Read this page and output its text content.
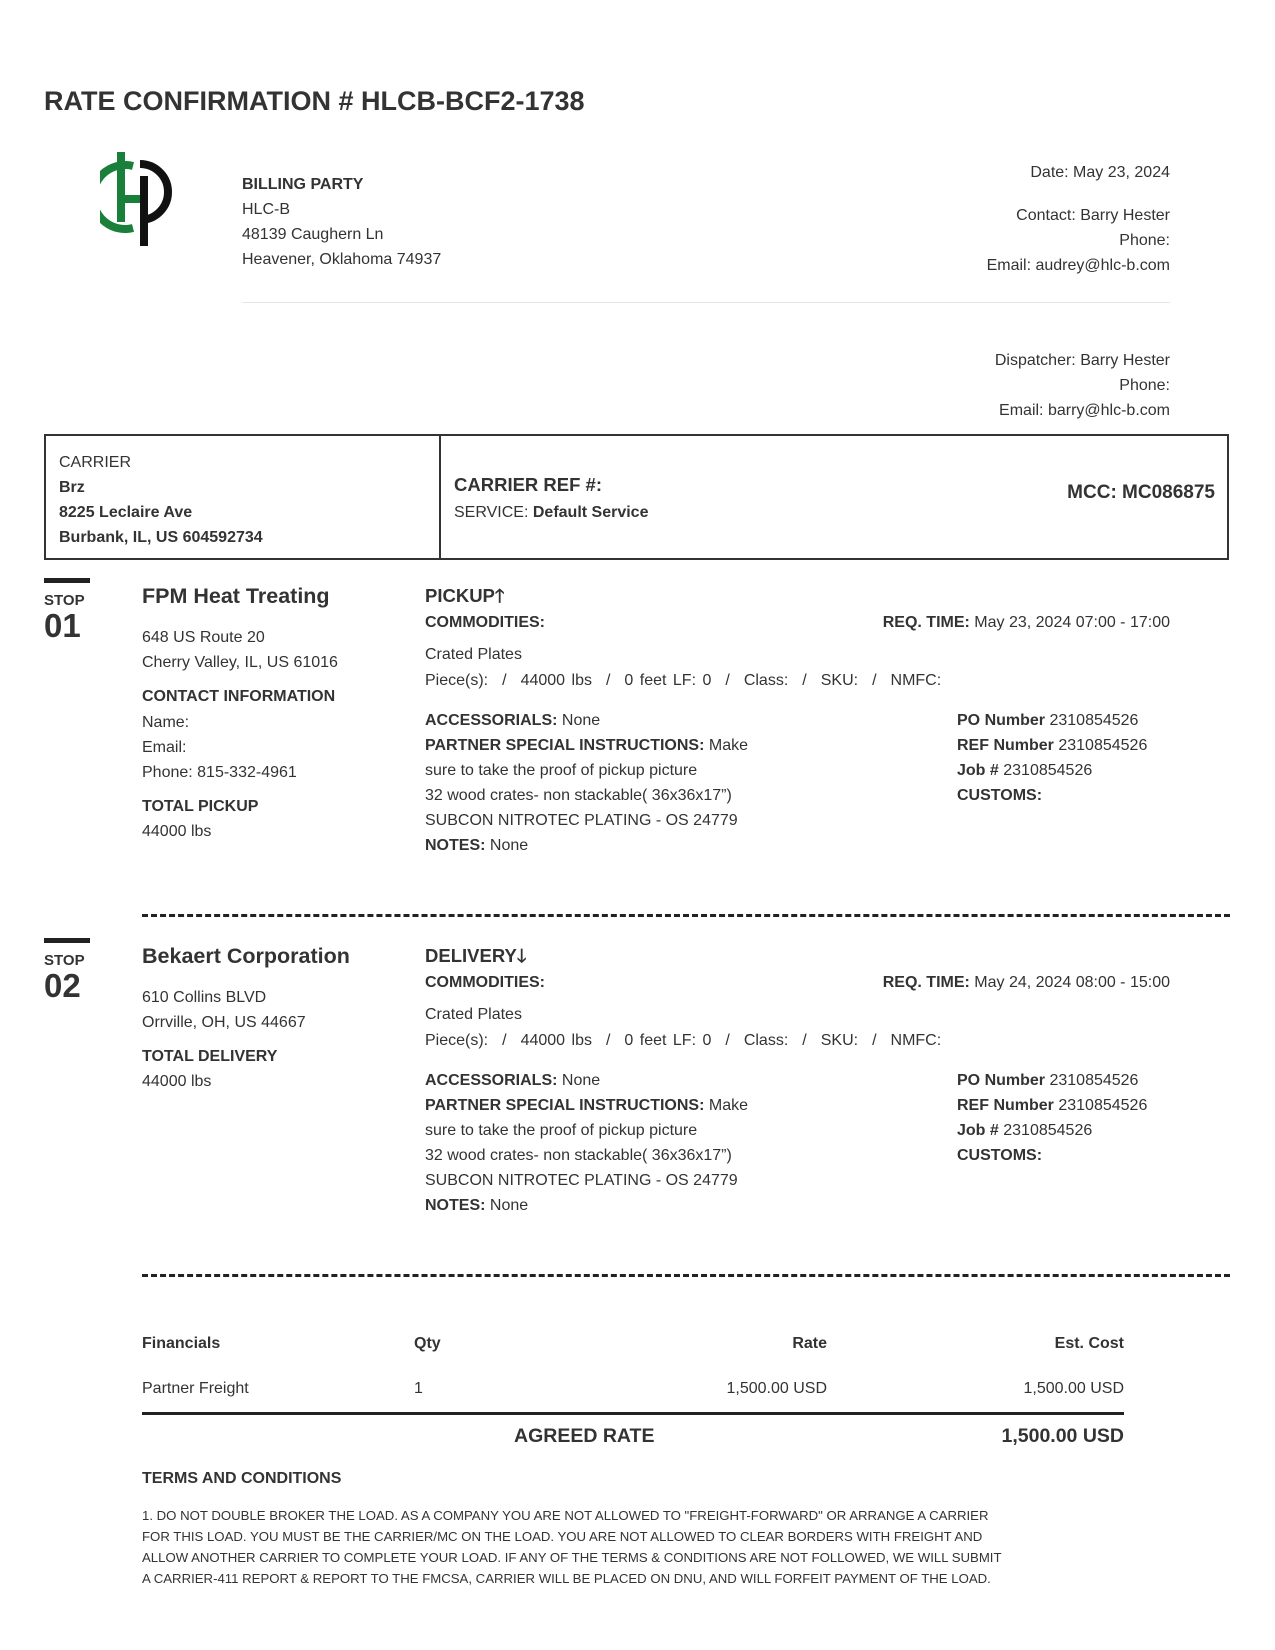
RATE CONFIRMATION # HLCB-BCF2-1738
BILLING PARTY
HLC-B
48139 Caughern Ln
Heavener, Oklahoma 74937
Date: May 23, 2024
Contact: Barry Hester
Phone:
Email: audrey@hlc-b.com
Dispatcher: Barry Hester
Phone:
Email: barry@hlc-b.com
CARRIER
Brz
8225 Leclaire Ave
Burbank, IL, US 604592734
CARRIER REF #:
SERVICE: Default Service
MCC: MC086875
STOP
01
FPM Heat Treating
648 US Route 20
Cherry Valley, IL, US 61016
CONTACT INFORMATION
Name:
Email:
Phone: 815-332-4961
TOTAL PICKUP
44000 lbs
PICKUP🡑
COMMODITIES:	REQ. TIME: May 23, 2024 07:00 - 17:00
Crated Plates
Piece(s): / 44000 lbs / 0 feet LF: 0 / Class: / SKU: / NMFC:
ACCESSORIALS: None
PARTNER SPECIAL INSTRUCTIONS: Make
sure to take the proof of pickup picture
32 wood crates- non stackable( 36x36x17”)
SUBCON NITROTEC PLATING - OS 24779
NOTES: None
PO Number 2310854526
REF Number 2310854526
Job # 2310854526
CUSTOMS:
STOP
02
Bekaert Corporation
610 Collins BLVD
Orrville, OH, US 44667
TOTAL DELIVERY
44000 lbs
DELIVERY🡓
COMMODITIES:	REQ. TIME: May 24, 2024 08:00 - 15:00
Crated Plates
Piece(s): / 44000 lbs / 0 feet LF: 0 / Class: / SKU: / NMFC:
ACCESSORIALS: None
PARTNER SPECIAL INSTRUCTIONS: Make
sure to take the proof of pickup picture
32 wood crates- non stackable( 36x36x17”)
SUBCON NITROTEC PLATING - OS 24779
NOTES: None
PO Number 2310854526
REF Number 2310854526
Job # 2310854526
CUSTOMS:
Financials	Qty	Rate	Est. Cost
Partner Freight	1	1,500.00 USD	1,500.00 USD
AGREED RATE	1,500.00 USD
TERMS AND CONDITIONS
1. DO NOT DOUBLE BROKER THE LOAD. AS A COMPANY YOU ARE NOT ALLOWED TO "FREIGHT-FORWARD" OR ARRANGE A CARRIER
FOR THIS LOAD. YOU MUST BE THE CARRIER/MC ON THE LOAD. YOU ARE NOT ALLOWED TO CLEAR BORDERS WITH FREIGHT AND
ALLOW ANOTHER CARRIER TO COMPLETE YOUR LOAD. IF ANY OF THE TERMS & CONDITIONS ARE NOT FOLLOWED, WE WILL SUBMIT
A CARRIER-411 REPORT & REPORT TO THE FMCSA, CARRIER WILL BE PLACED ON DNU, AND WILL FORFEIT PAYMENT OF THE LOAD.
